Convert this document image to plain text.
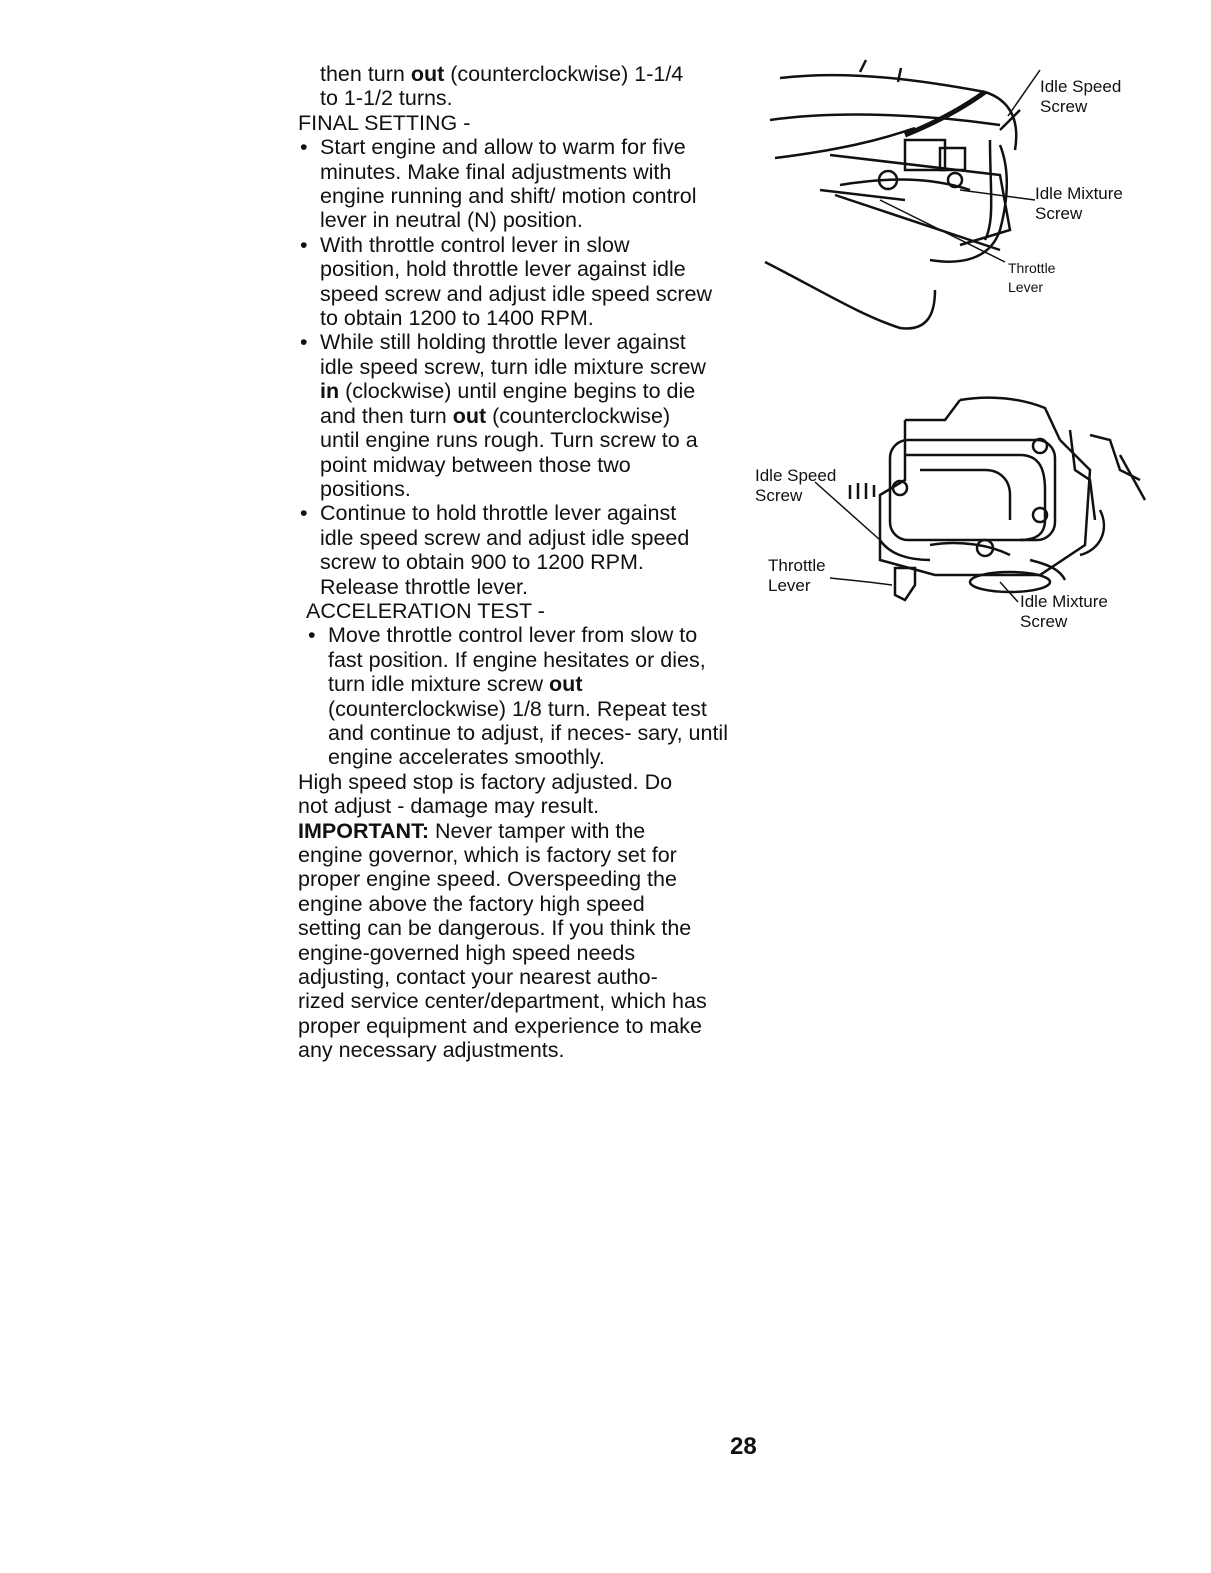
then turn out (counterclockwise) 1-1/4
to 1-1/2 turns.

FINAL SETTING -

• Start engine and allow to warm for five minutes. Make final adjustments with engine running and shift/ motion control lever in neutral (N) position.

• With throttle control lever in slow position, hold throttle lever against idle speed screw and adjust idle speed screw to obtain 1200 to 1400 RPM.

• While still holding throttle lever against idle speed screw, turn idle mixture screw in (clockwise) until engine begins to die and then turn out (counterclockwise) until engine runs rough. Turn screw to a point midway between those two positions.

• Continue to hold throttle lever against idle speed screw and adjust idle speed screw to obtain 900 to 1200 RPM. Release throttle lever.

ACCELERATION TEST -

• Move throttle control lever from slow to fast position. If engine hesitates or dies, turn idle mixture screw out (counterclockwise) 1/8 turn. Repeat test and continue to adjust, if neces- sary, until engine accelerates smoothly.

High speed stop is factory adjusted. Do not adjust - damage may result.

IMPORTANT: Never tamper with the engine governor, which is factory set for proper engine speed. Overspeeding the engine above the factory high speed setting can be dangerous. If you think the engine-governed high speed needs adjusting, contact your nearest autho- rized service center/department, which has proper equipment and experience to make any necessary adjustments.

Idle Speed Screw
Idle Mixture Screw
Throttle Lever
Idle Speed Screw
Throttle Lever
Idle Mixture Screw
28
